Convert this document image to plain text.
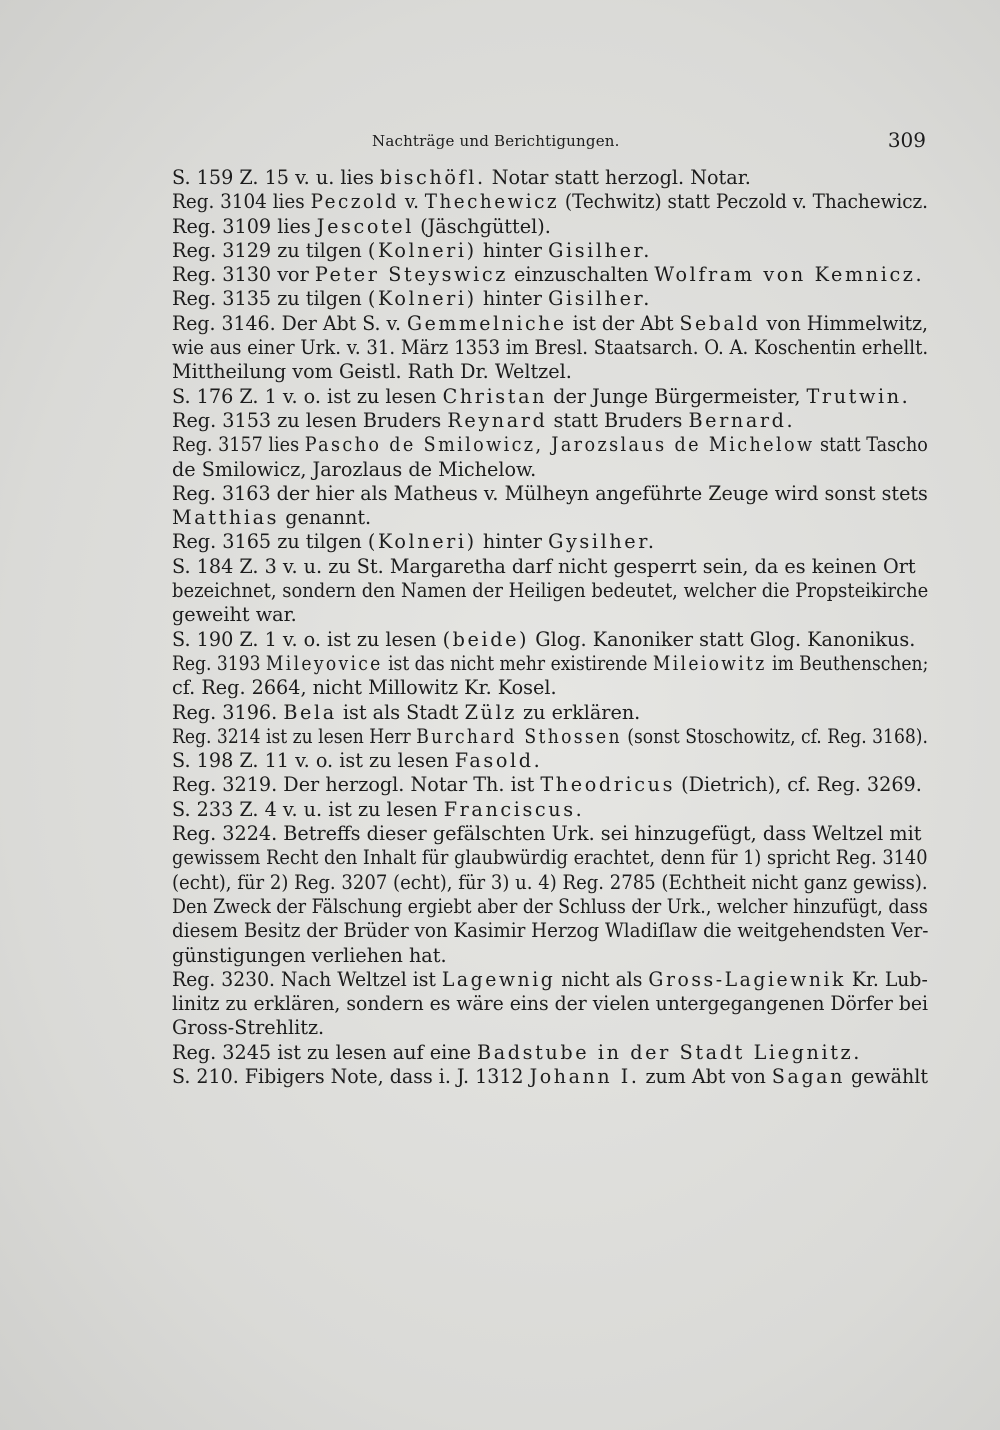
Nachträge und Berichtigungen.	309
S. 159 Z. 15 v. u. lies bischöfl. Notar statt herzogl. Notar.
Reg. 3104 lies Peczold v. Thechewicz (Techwitz) statt Peczold v. Thachewicz.
Reg. 3109 lies Jescotel (Jäschgüttel).
Reg. 3129 zu tilgen (Kolneri) hinter Gisilher.
Reg. 3130 vor Peter Steyswicz einzuschalten Wolfram von Kemnicz.
Reg. 3135 zu tilgen (Kolneri) hinter Gisilher.
Reg. 3146. Der Abt S. v. Gemmelniche ist der Abt Sebald von Himmelwitz,
wie aus einer Urk. v. 31. März 1353 im Bresl. Staatsarch. O. A. Koschentin erhellt.
Mittheilung vom Geistl. Rath Dr. Weltzel.
S. 176 Z. 1 v. o. ist zu lesen Christan der Junge Bürgermeister, Trutwin.
Reg. 3153 zu lesen Bruders Reynard statt Bruders Bernard.
Reg. 3157 lies Pascho de Smilowicz, Jarozslaus de Michelow statt Tascho
de Smilowicz, Jarozlaus de Michelow.
Reg. 3163 der hier als Matheus v. Mülheyn angeführte Zeuge wird sonst stets
Matthias genannt.
Reg. 3165 zu tilgen (Kolneri) hinter Gysilher.
S. 184 Z. 3 v. u. zu St. Margaretha darf nicht gesperrt sein, da es keinen Ort
bezeichnet, sondern den Namen der Heiligen bedeutet, welcher die Propsteikirche
geweiht war.
S. 190 Z. 1 v. o. ist zu lesen (beide) Glog. Kanoniker statt Glog. Kanonikus.
Reg. 3193 Mileyovice ist das nicht mehr existirende Mileiowitz im Beuthenschen;
cf. Reg. 2664, nicht Millowitz Kr. Kosel.
Reg. 3196. Bela ist als Stadt Zülz zu erklären.
Reg. 3214 ist zu lesen Herr Burchard Sthossen (sonst Stoschowitz, cf. Reg. 3168).
S. 198 Z. 11 v. o. ist zu lesen Fasold.
Reg. 3219. Der herzogl. Notar Th. ist Theodricus (Dietrich), cf. Reg. 3269.
S. 233 Z. 4 v. u. ist zu lesen Franciscus.
Reg. 3224. Betreffs dieser gefälschten Urk. sei hinzugefügt, dass Weltzel mit
gewissem Recht den Inhalt für glaubwürdig erachtet, denn für 1) spricht Reg. 3140
(echt), für 2) Reg. 3207 (echt), für 3) u. 4) Reg. 2785 (Echtheit nicht ganz gewiss).
Den Zweck der Fälschung ergiebt aber der Schluss der Urk., welcher hinzufügt, dass
diesem Besitz der Brüder von Kasimir Herzog Wladiſlaw die weitgehendsten Ver-
günstigungen verliehen hat.
Reg. 3230. Nach Weltzel ist Lagewnig nicht als Gross-Lagiewnik Kr. Lub-
linitz zu erklären, sondern es wäre eins der vielen untergegangenen Dörfer bei
Gross-Strehlitz.
Reg. 3245 ist zu lesen auf eine Badstube in der Stadt Liegnitz.
S. 210. Fibigers Note, dass i. J. 1312 Johann I. zum Abt von Sagan gewählt
